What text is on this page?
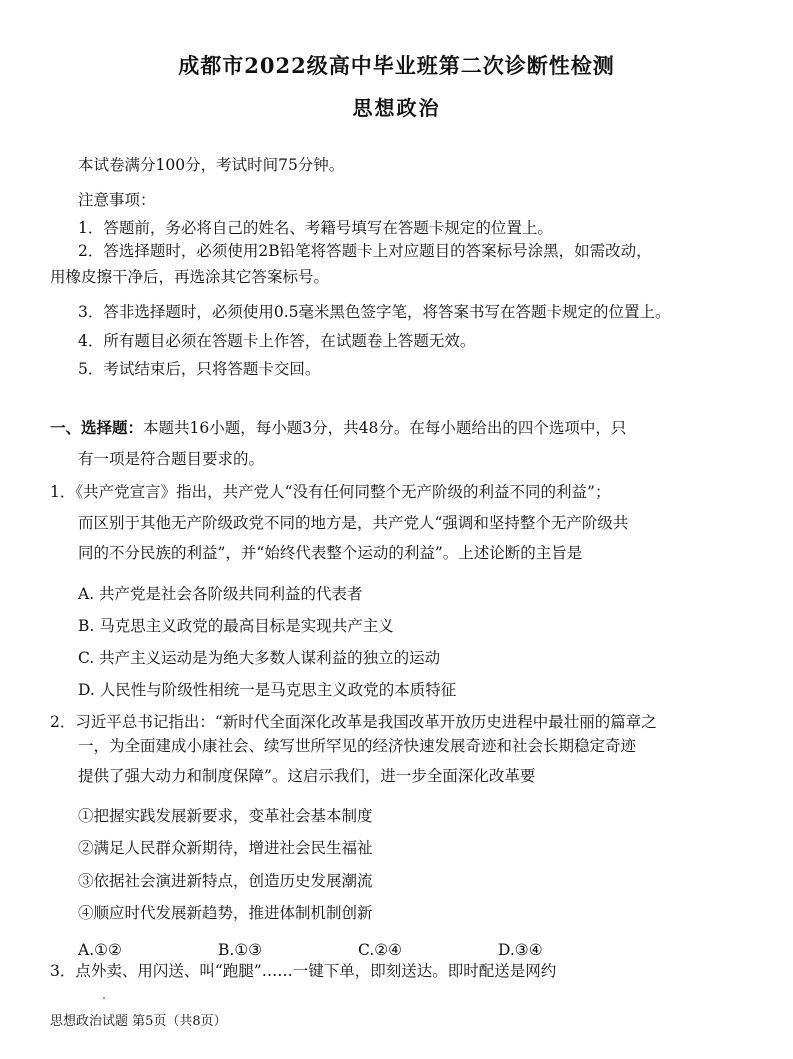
成都市2022级高中毕业班第二次诊断性检测
思想政治
本试卷满分100分，考试时间75分钟。
注意事项：
1．答题前，务必将自己的姓名、考籍号填写在答题卡规定的位置上。
2．答选择题时，必须使用2B铅笔将答题卡上对应题目的答案标号涂黑，如需改动，
用橡皮擦干净后，再选涂其它答案标号。
3．答非选择题时，必须使用0.5毫米黑色签字笔，将答案书写在答题卡规定的位置上。
4．所有题目必须在答题卡上作答，在试题卷上答题无效。
5．考试结束后，只将答题卡交回。
一、选择题：本题共16小题，每小题3分，共48分。在每小题给出的四个选项中，只
有一项是符合题目要求的。
1．《共产党宣言》指出，共产党人“没有任何同整个无产阶级的利益不同的利益”；
而区别于其他无产阶级政党不同的地方是，共产党人“强调和坚持整个无产阶级共
同的不分民族的利益”，并“始终代表整个运动的利益”。上述论断的主旨是
A. 共产党是社会各阶级共同利益的代表者
B. 马克思主义政党的最高目标是实现共产主义
C. 共产主义运动是为绝大多数人谋利益的独立的运动
D. 人民性与阶级性相统一是马克思主义政党的本质特征
2．习近平总书记指出：“新时代全面深化改革是我国改革开放历史进程中最壮丽的篇章之
一，为全面建成小康社会、续写世所罕见的经济快速发展奇迹和社会长期稳定奇迹
提供了强大动力和制度保障”。这启示我们，进一步全面深化改革要
①把握实践发展新要求，变革社会基本制度
②满足人民群众新期待，增进社会民生福祉
③依据社会演进新特点，创造历史发展潮流
④顺应时代发展新趋势，推进体制机制创新
A.①②	B.①③	C.②④	D.③④
3．点外卖、用闪送、叫“跑腿”……一键下单，即刻送达。即时配送是网约
思想政治试题 第5页（共8页）
